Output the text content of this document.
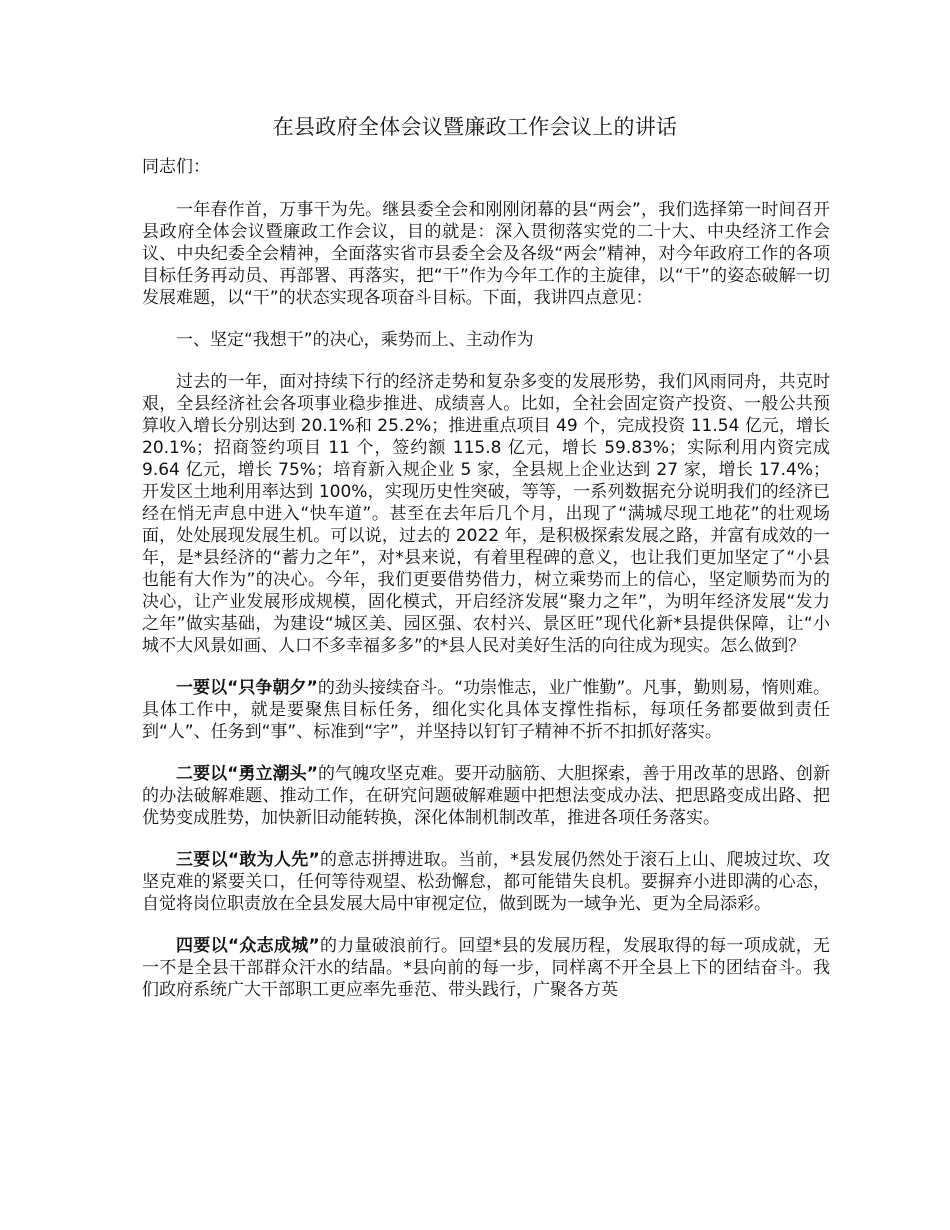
在县政府全体会议暨廉政工作会议上的讲话
同志们：

一年春作首，万事干为先。继县委全会和刚刚闭幕的县“两会”，我们选择第一时间召开县政府全体会议暨廉政工作会议，目的就是：深入贯彻落实党的二十大、中央经济工作会议、中央纪委全会精神，全面落实省市县委全会及各级“两会”精神，对今年政府工作的各项目标任务再动员、再部署、再落实，把“干”作为今年工作的主旋律，以“干”的姿态破解一切发展难题，以“干”的状态实现各项奋斗目标。下面，我讲四点意见：

一、坚定“我想干”的决心，乘势而上、主动作为

过去的一年，面对持续下行的经济走势和复杂多变的发展形势，我们风雨同舟，共克时艰，全县经济社会各项事业稳步推进、成绩喜人。比如，全社会固定资产投资、一般公共预算收入增长分别达到 20.1%和 25.2%；推进重点项目 49 个，完成投资 11.54 亿元，增长 20.1%；招商签约项目 11 个，签约额 115.8 亿元，增长 59.83%；实际利用内资完成 9.64 亿元，增长 75%；培育新入规企业 5 家，全县规上企业达到 27 家，增长 17.4%；开发区土地利用率达到 100%，实现历史性突破，等等，一系列数据充分说明我们的经济已经在悄无声息中进入“快车道”。甚至在去年后几个月，出现了“满城尽现工地花”的壮观场面，处处展现发展生机。可以说，过去的 2022 年，是积极探索发展之路，并富有成效的一年，是*县经济的“蓄力之年”，对*县来说，有着里程碑的意义，也让我们更加坚定了“小县也能有大作为”的决心。今年，我们更要借势借力，树立乘势而上的信心，坚定顺势而为的决心，让产业发展形成规模，固化模式，开启经济发展“聚力之年”，为明年经济发展“发力之年”做实基础，为建设“城区美、园区强、农村兴、景区旺”现代化新*县提供保障，让“小城不大风景如画、人口不多幸福多多”的*县人民对美好生活的向往成为现实。怎么做到？

一要以“只争朝夕”的劲头接续奋斗。“功崇惟志，业广惟勤”。凡事，勤则易，惰则难。具体工作中，就是要聚焦目标任务，细化实化具体支撑性指标，每项任务都要做到责任到“人”、任务到“事”、标准到“字”，并坚持以钉钉子精神不折不扣抓好落实。

二要以“勇立潮头”的气魄攻坚克难。要开动脑筋、大胆探索，善于用改革的思路、创新的办法破解难题、推动工作，在研究问题破解难题中把想法变成办法、把思路变成出路、把优势变成胜势，加快新旧动能转换，深化体制机制改革，推进各项任务落实。

三要以“敢为人先”的意志拼搏进取。当前，*县发展仍然处于滚石上山、爬坡过坎、攻坚克难的紧要关口，任何等待观望、松劲懈怠，都可能错失良机。要摒弃小进即满的心态，自觉将岗位职责放在全县发展大局中审视定位，做到既为一域争光、更为全局添彩。

四要以“众志成城”的力量破浪前行。回望*县的发展历程，发展取得的每一项成就，无一不是全县干部群众汗水的结晶。*县向前的每一步，同样离不开全县上下的团结奋斗。我们政府系统广大干部职工更应率先垂范、带头践行，广聚各方英
